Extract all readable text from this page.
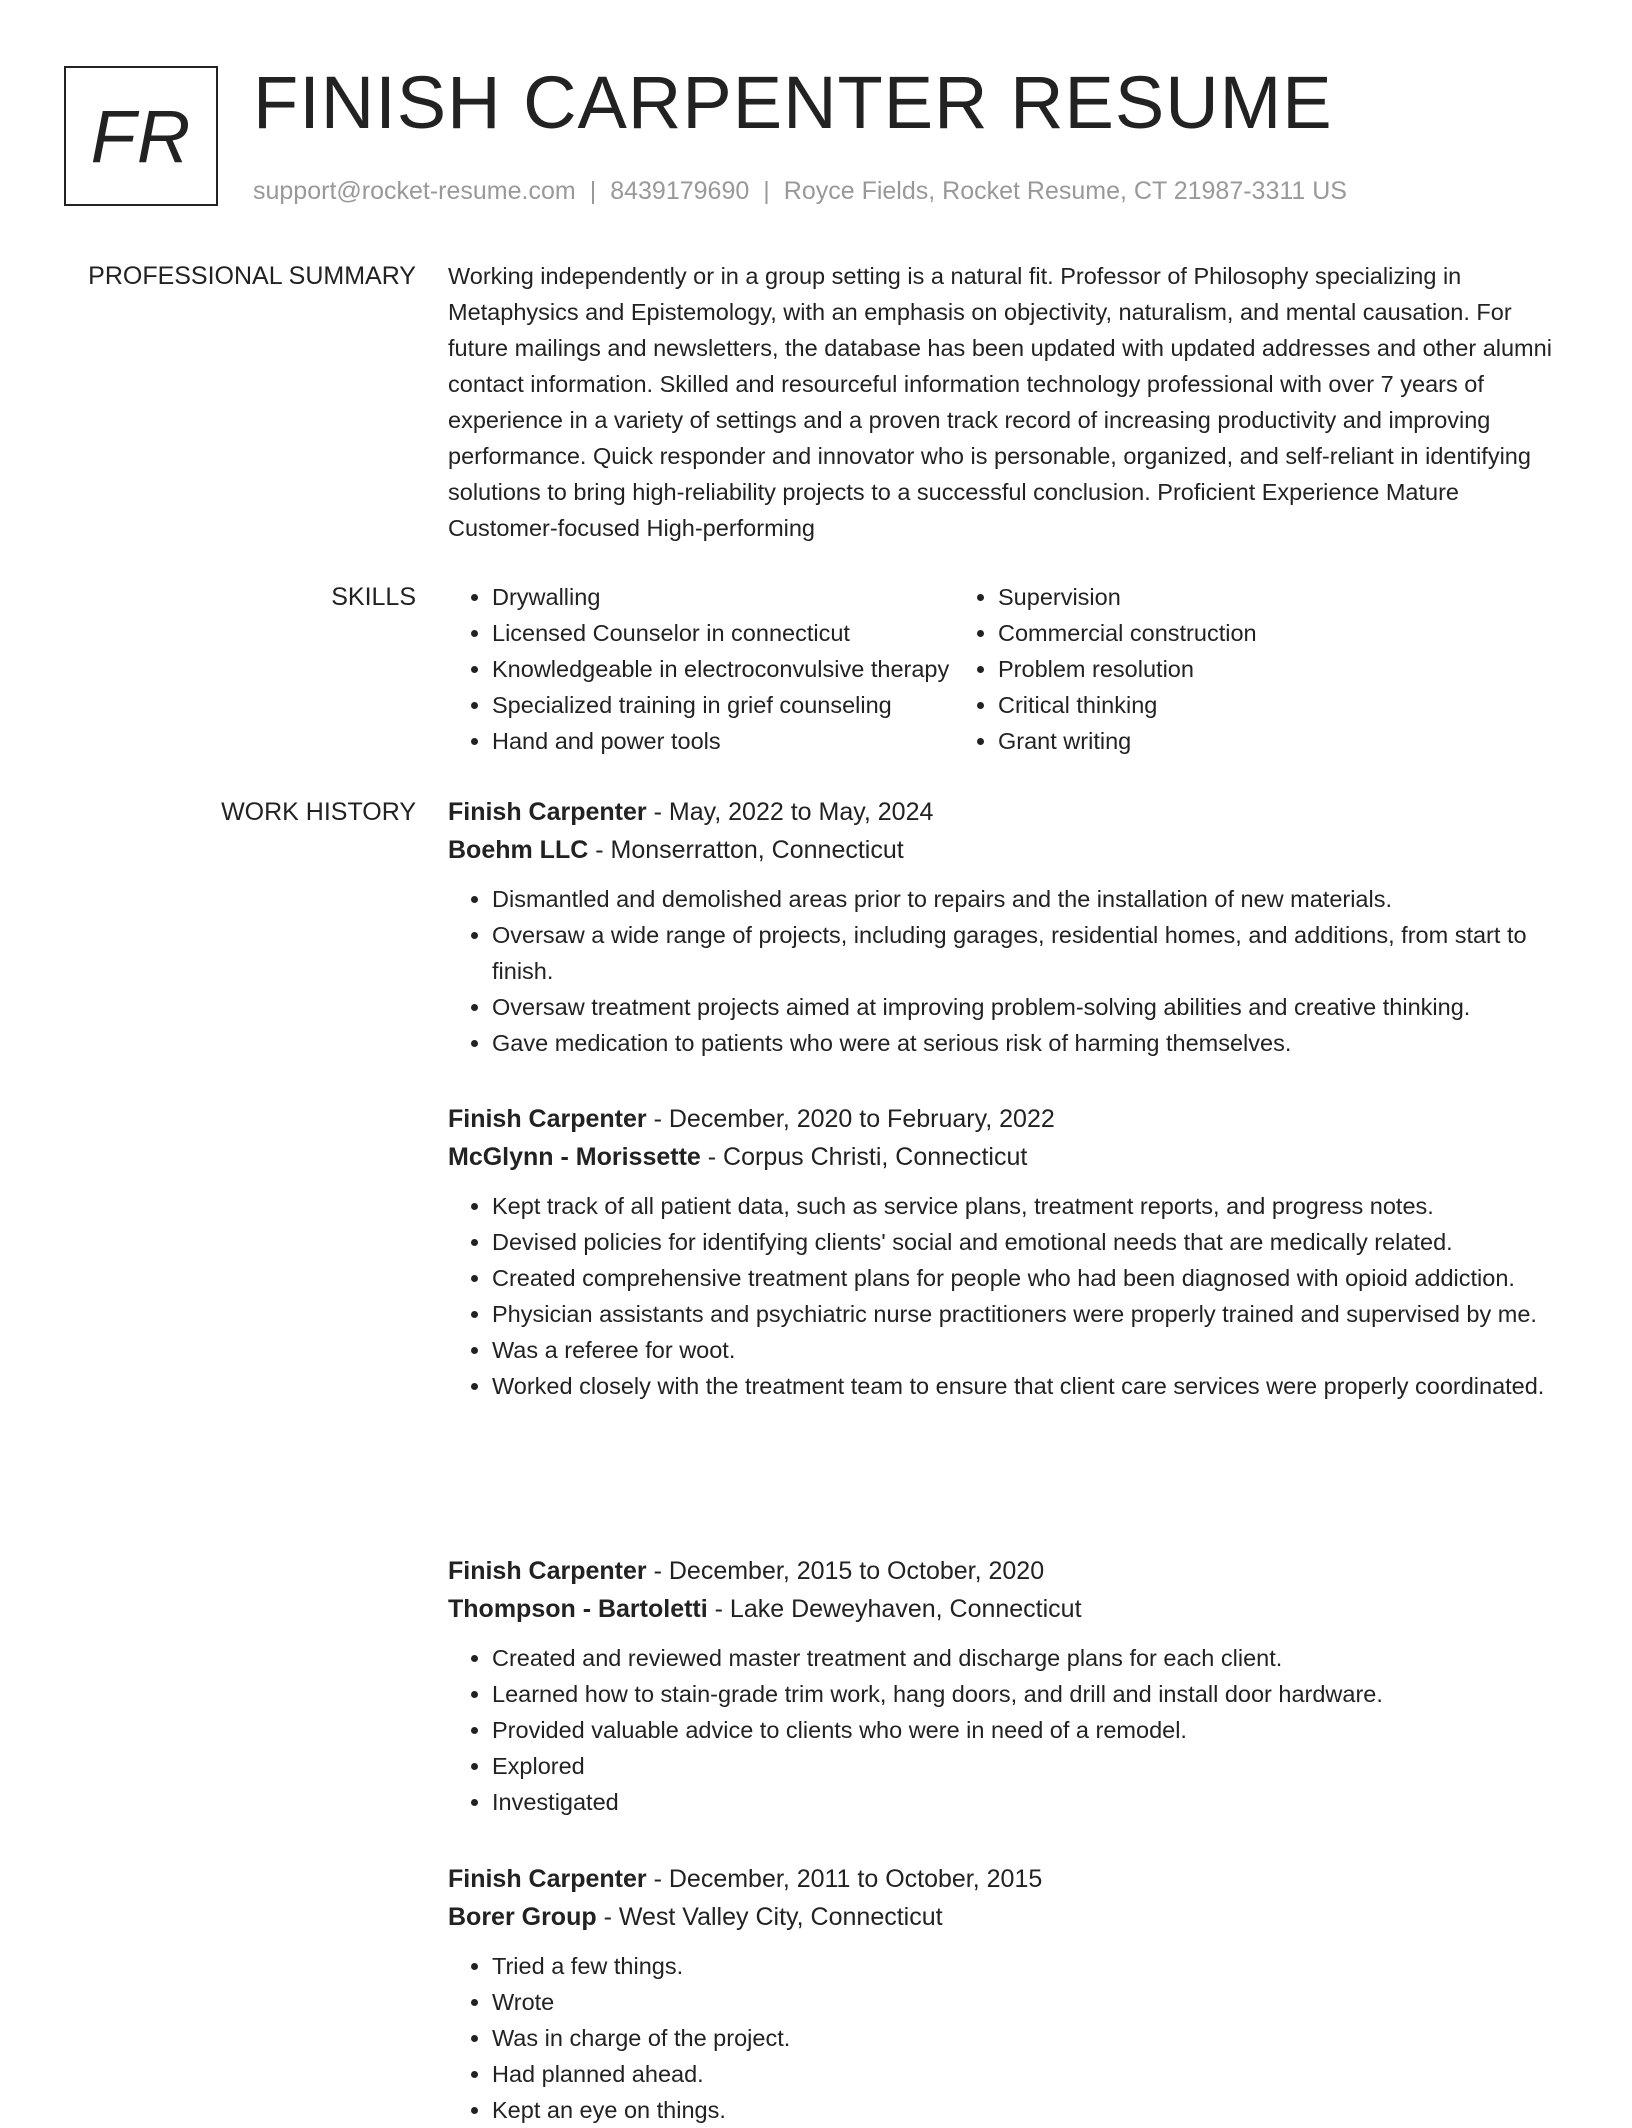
FR FINISH CARPENTER RESUME
support@rocket-resume.com | 8439179690 | Royce Fields, Rocket Resume, CT 21987-3311 US
PROFESSIONAL SUMMARY Working independently or in a group setting is a natural fit. Professor of Philosophy specializing in Metaphysics and Epistemology, with an emphasis on objectivity, naturalism, and mental causation. For future mailings and newsletters, the database has been updated with updated addresses and other alumni contact information. Skilled and resourceful information technology professional with over 7 years of experience in a variety of settings and a proven track record of increasing productivity and improving performance. Quick responder and innovator who is personable, organized, and self-reliant in identifying solutions to bring high-reliability projects to a successful conclusion. Proficient Experience Mature Customer-focused High-performing
SKILLS
•	Drywalling
• Licensed Counselor in connecticut
• Knowledgeable in electroconvulsive therapy
• Specialized training in grief counseling
• Hand and power tools
• Supervision
• Commercial construction
• Problem resolution
• Critical thinking
• Grant writing
WORK HISTORY Finish Carpenter - May, 2022 to May, 2024
Boehm LLC - Monserratton, Connecticut
• Dismantled and demolished areas prior to repairs and the installation of new materials.
• Oversaw a wide range of projects, including garages, residential homes, and additions, from start to finish.
• Oversaw treatment projects aimed at improving problem-solving abilities and creative thinking.
• Gave medication to patients who were at serious risk of harming themselves.
Finish Carpenter - December, 2020 to February, 2022
McGlynn - Morissette - Corpus Christi, Connecticut
• Kept track of all patient data, such as service plans, treatment reports, and progress notes.
• Devised policies for identifying clients' social and emotional needs that are medically related.
• Created comprehensive treatment plans for people who had been diagnosed with opioid addiction.
• Physician assistants and psychiatric nurse practitioners were properly trained and supervised by me.
• Was a referee for woot.
• Worked closely with the treatment team to ensure that client care services were properly coordinated.
Finish Carpenter - December, 2015 to October, 2020
Thompson - Bartoletti - Lake Deweyhaven, Connecticut
• Created and reviewed master treatment and discharge plans for each client.
• Learned how to stain-grade trim work, hang doors, and drill and install door hardware.
• Provided valuable advice to clients who were in need of a remodel.
• Explored
• Investigated
Finish Carpenter - December, 2011 to October, 2015
Borer Group - West Valley City, Connecticut
• Tried a few things.
• Wrote
• Was in charge of the project.
• Had planned ahead.
• Kept an eye on things.
